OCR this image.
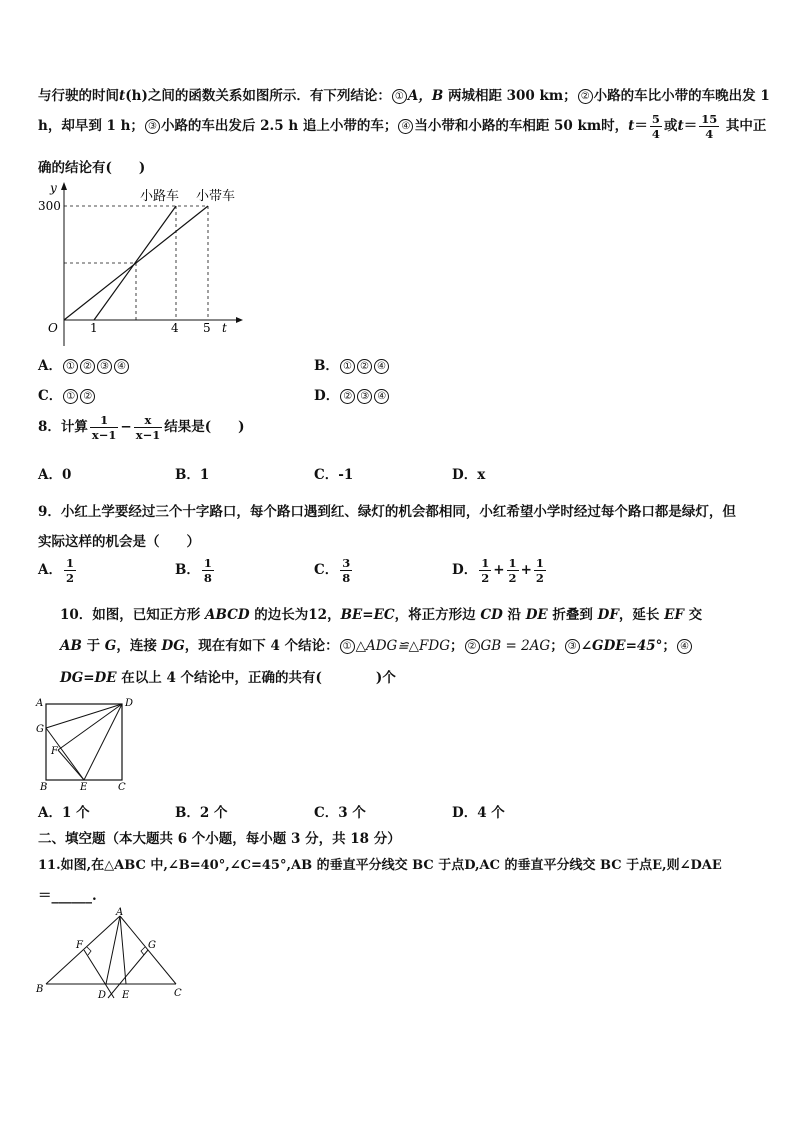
与行驶的时间t(h)之间的函数关系如图所示．有下列结论： ① A，B 两城相距 300 km； ② 小路的车比小带的车晚出发 1
h，却早到 1 h； ③ 小路的车出发后 2.5 h 追上小带的车； ④ 当小带和小路的车相距 50 km时，$t= \frac{5}{4}$ 或$t= \frac{15}{4}$ 其中正
确的结论有(　　)
y
t
O
300
1	4 5
小路车 小带车
A． ① ② ③ ④	B． ① ② ④
C． ① ②	D． ② ③ ④
8．计算 $\frac{1}{x-1} - \frac{x}{x-1}$ 结果是(　　)
A．0	B．1	C．-1	D．x
9．小红上学要经过三个十字路口，每个路口遇到红、绿灯的机会都相同，小红希望小学时经过每个路口都是绿灯，但
实际这样的机会是（　　）
A． $\frac{1}{2}$	B． $\frac{1}{8}$	C． $\frac{3}{8}$	D． $\frac{1}{2} + \frac{1}{2} + \frac{1}{2}$
10．如图，已知正方形 ABCD 的边长为12，BE=EC，将正方形边 CD 沿 DE 折叠到 DF，延长 EF 交
AB 于 G，连接 DG，现在有如下 4 个结论： ① △ADG≌△FDG； ② GB = 2AG； ③ ∠GDE=45°； ④
DG=DE 在以上 4 个结论中，正确的共有(　　　　)个
A	D
G
F
B	E	C
A．1 个	B．2 个	C．3 个	D．4 个
二、填空题（本大题共 6 个小题，每小题 3 分，共 18 分）
11.如图,在△ABC 中,∠B=40°,∠C=45°,AB 的垂直平分线交 BC 于点D,AC 的垂直平分线交 BC 于点E,则∠DAE
＝______.
A
F	G
B
D E	C
